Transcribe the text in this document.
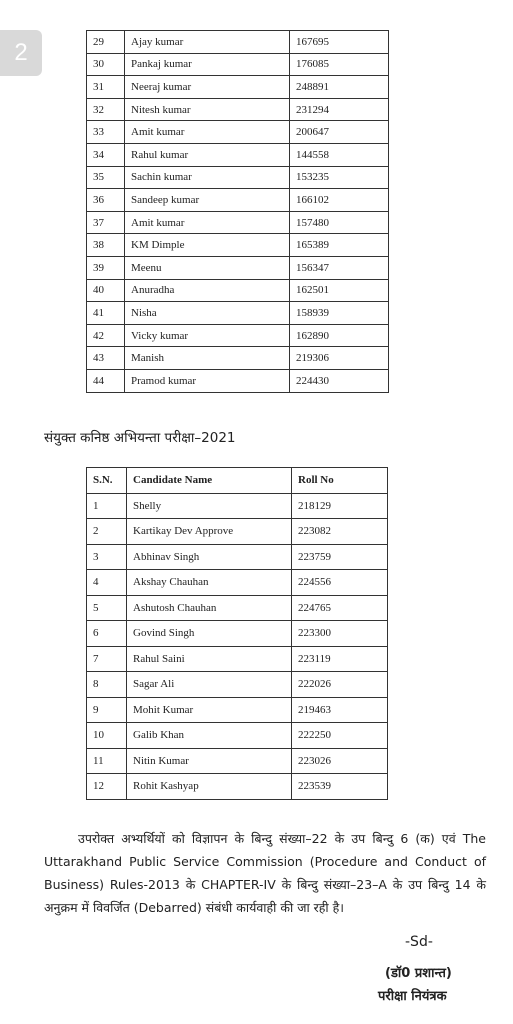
2	29	Ajay kumar	167695
30	Pankaj kumar	176085
31	Neeraj kumar	248891
32	Nitesh kumar	231294
33	Amit kumar	200647
34	Rahul kumar	144558
35	Sachin kumar	153235
36	Sandeep kumar	166102
37	Amit kumar	157480
38	KM Dimple	165389
39	Meenu	156347
40	Anuradha	162501
41	Nisha	158939
42	Vicky kumar	162890
43	Manish	219306
44	Pramod kumar	224430
संयुक्त कनिष्ठ अभियन्ता परीक्षा–2021
S.N.	Candidate Name	Roll No
1	Shelly	218129
2	Kartikay Dev Approve	223082
3	Abhinav Singh	223759
4	Akshay Chauhan	224556
5	Ashutosh Chauhan	224765
6	Govind Singh	223300
7	Rahul Saini	223119
8	Sagar Ali	222026
9	Mohit Kumar	219463
10	Galib Khan	222250
11	Nitin Kumar	223026
12	Rohit Kashyap	223539
उपरोक्त अभ्यर्थियों को विज्ञापन के बिन्दु संख्या–22 के उप बिन्दु 6 (क) एवं The Uttarakhand Public Service Commission (Procedure and Conduct of Business) Rules-2013 के CHAPTER-IV के बिन्दु संख्या–23–A के उप बिन्दु 14 के अनुक्रम में विवर्जित (Debarred) संबंधी कार्यवाही की जा रही है।
-Sd-
(डॉ0 प्रशान्त)
परीक्षा नियंत्रक
